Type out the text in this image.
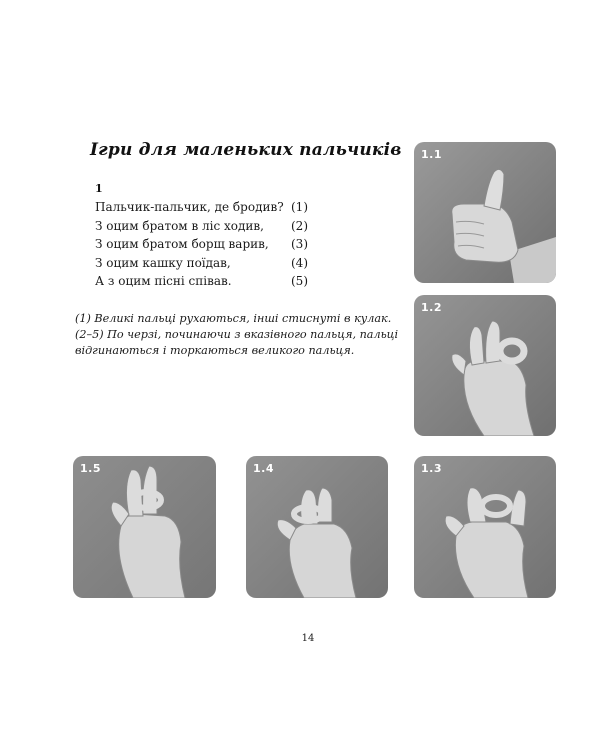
Ігри для маленьких пальчиків
1
Пальчик-пальчик, де бродив? (1)
З оцим братом в ліс ходив, (2)
З оцим братом борщ варив, (3)
З оцим кашку поїдав,	(4)
А з оцим пісні співав.	(5)

(1) Великі пальці рухаються, інші стиснуті в кулак.

(2–5) По черзі, починаючи з вказівного пальця, пальці відгинаються і торкаються великого пальця.

1.1
1.2
1.5	1.4	1.3
14
